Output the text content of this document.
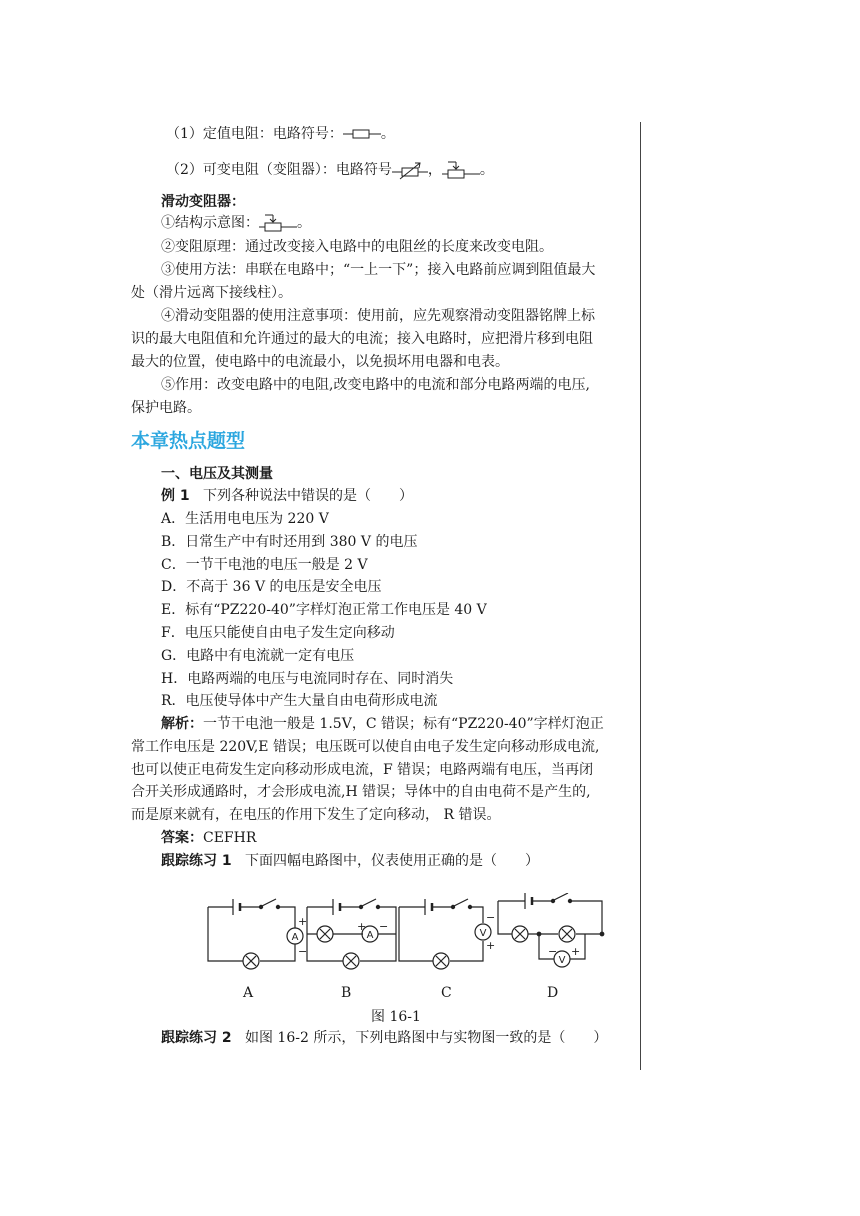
（1）定值电阻：电路符号：	。
（2）可变电阻（变阻器）：电路符号	，	。
滑动变阻器：
①结构示意图：	。
②变阻原理：通过改变接入电路中的电阻丝的长度来改变电阻。
③使用方法：串联在电路中；“一上一下”；接入电路前应调到阻值最大
处（滑片远离下接线柱）。
④滑动变阻器的使用注意事项：使用前，应先观察滑动变阻器铭牌上标
识的最大电阻值和允许通过的最大的电流；接入电路时，应把滑片移到电阻
最大的位置，使电路中的电流最小，以免损坏用电器和电表。
⑤作用：改变电路中的电阻,改变电路中的电流和部分电路两端的电压,
保护电路。
本章热点题型
一、电压及其测量
例 1 下列各种说法中错误的是（　　）
A．生活用电电压为 220 V
B．日常生产中有时还用到 380 V 的电压
C．一节干电池的电压一般是 2 V
D．不高于 36 V 的电压是安全电压
E．标有“PZ220-40”字样灯泡正常工作电压是 40 V
F．电压只能使自由电子发生定向移动
G．电路中有电流就一定有电压
H．电路两端的电压与电流同时存在、同时消失
R．电压使导体中产生大量自由电荷形成电流
解析：一节干电池一般是 1.5V，C 错误；标有“PZ220-40”字样灯泡正
常工作电压是 220V,E 错误；电压既可以使自由电子发生定向移动形成电流,
也可以使正电荷发生定向移动形成电流，F 错误；电路两端有电压，当再闭
合开关形成通路时，才会形成电流,H 错误；导体中的自由电荷不是产生的,
而是原来就有，在电压的作用下发生了定向移动， R 错误。
答案：CEFHR
跟踪练习 1 下面四幅电路图中，仪表使用正确的是（　　）
A	A	V
V
+
−
+ −
−
+	− +
A	B	C	D
图 16-1
跟踪练习 2 如图 16-2 所示，下列电路图中与实物图一致的是（　　）
